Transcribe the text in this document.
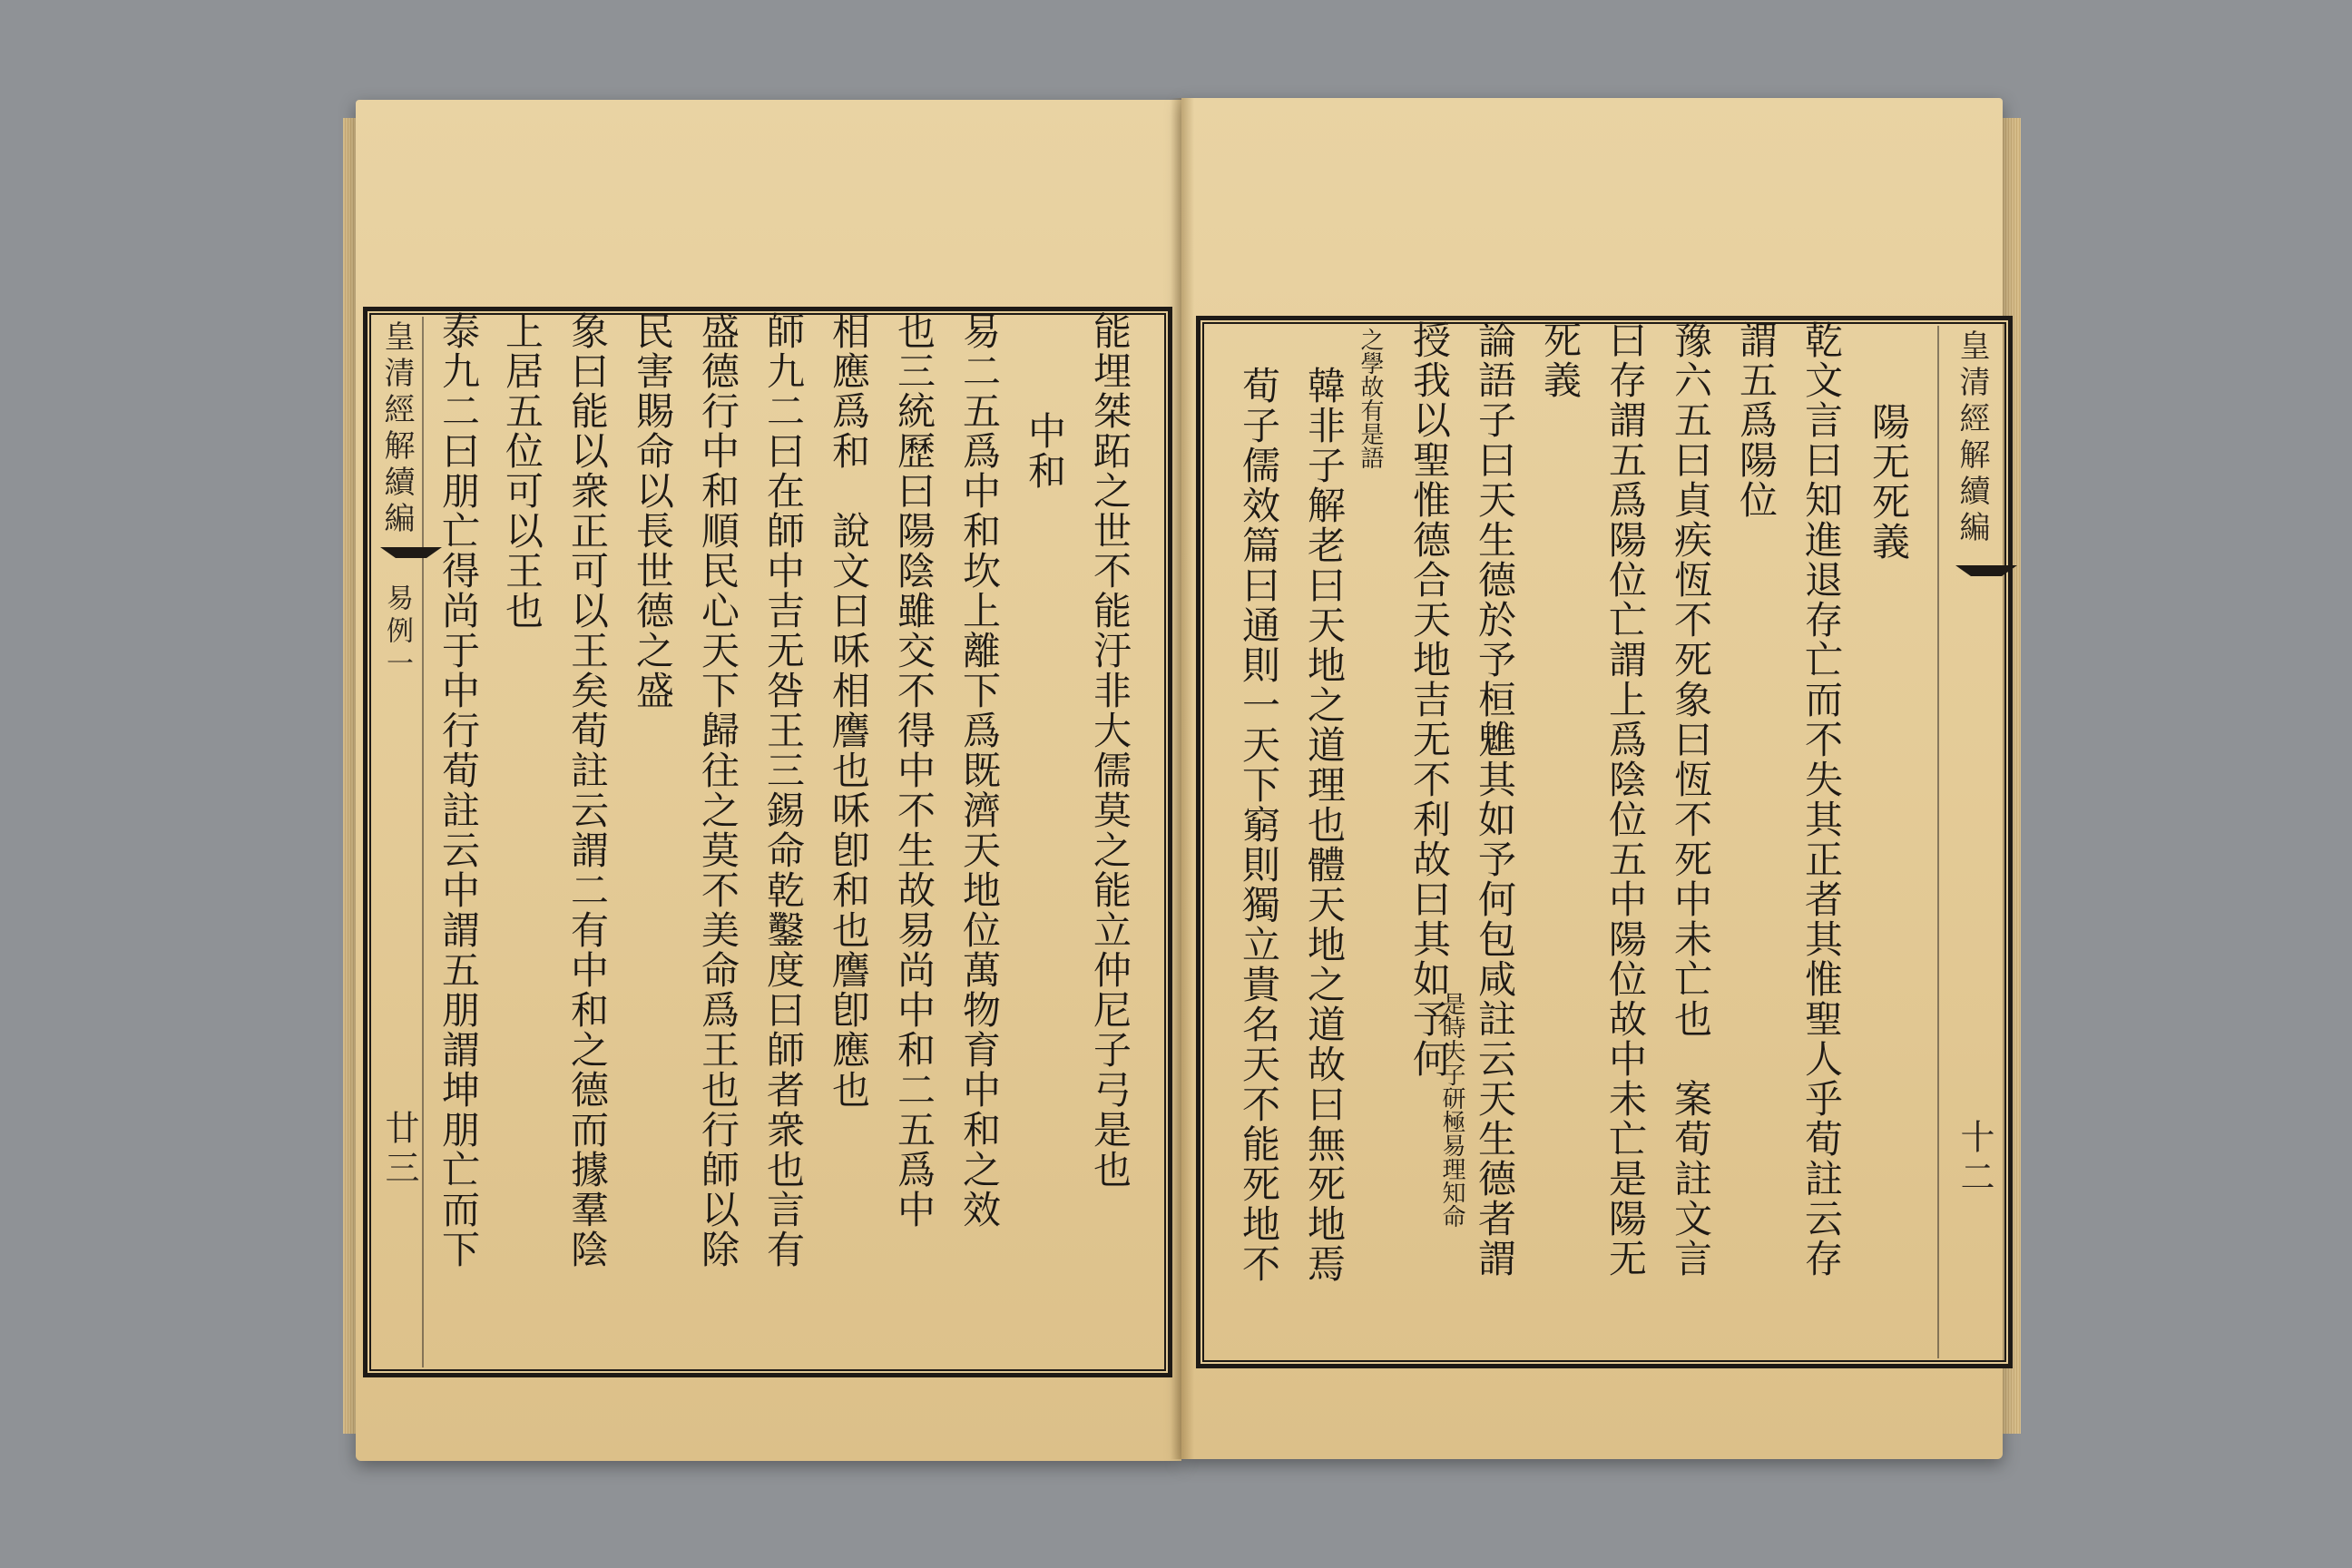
皇清經解續編
易例一
廿三	能埋桀跖之世不能汙非大儒莫之能立仲尼子弓是也
中和
易二五爲中和坎上離下爲既濟天地位萬物育中和之效
也三統歷曰陽陰雖交不得中不生故易尚中和二五爲中
相應爲和　說文曰咊相譍也咊卽和也譍卽應也
師九二曰在師中吉无咎王三錫命乾鑿度曰師者衆也言有
盛德行中和順民心天下歸往之莫不美命爲王也行師以除
民害賜命以長世德之盛
象曰能以衆正可以王矣荀註云謂二有中和之德而據羣陰
上居五位可以王也
泰九二曰朋亡得尚于中行荀註云中謂五朋謂坤朋亡而下	皇清經解續編
十二
陽无死義
乾文言曰知進退存亡而不失其正者其惟聖人乎荀註云存
謂五爲陽位
豫六五曰貞疾恆不死象曰恆不死中未亡也　案荀註文言
曰存謂五爲陽位亡謂上爲陰位五中陽位故中未亡是陽无
死義
論語子曰天生德於予桓魋其如予何包咸註云天生德者謂
授我以聖惟德合天地吉无不利故曰其如予何
韓非子解老曰天地之道理也體天地之道故曰無死地焉
荀子儒效篇曰通則一天下窮則獨立貴名天不能死地不	之學故有是語
是時夫子研極易理知命
